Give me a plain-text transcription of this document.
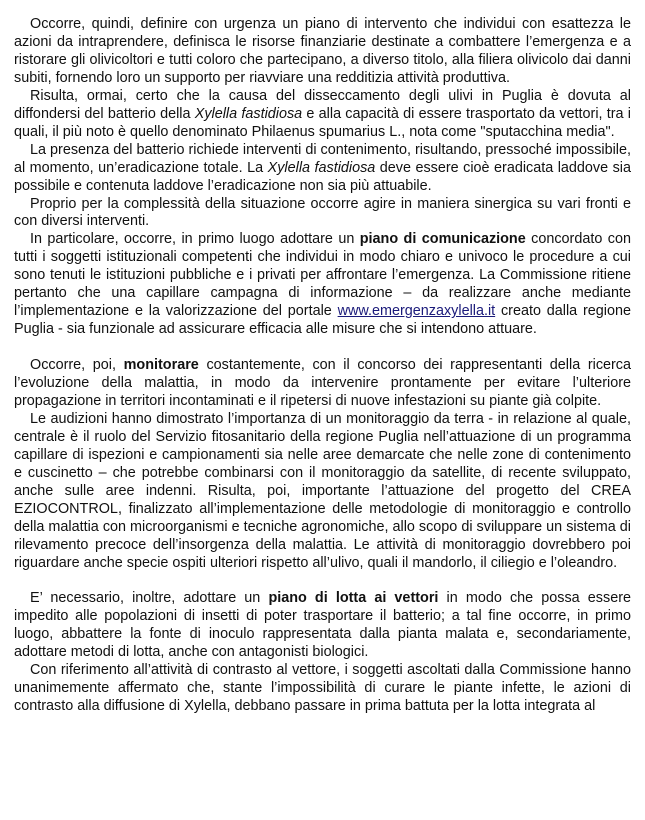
Occorre, quindi, definire con urgenza un piano di intervento che individui con esattezza le azioni da intraprendere, definisca le risorse finanziarie destinate a combattere l’emergenza e a ristorare gli olivicoltori e tutti coloro che partecipano, a diverso titolo, alla filiera olivicolo dai danni subiti, fornendo loro un supporto per riavviare una redditizia attività produttiva.

Risulta, ormai, certo che la causa del disseccamento degli ulivi in Puglia è dovuta al diffondersi del batterio della Xylella fastidiosa e alla capacità di essere trasportato da vettori, tra i quali, il più noto è quello denominato Philaenus spumarius L., nota come "sputacchina media".

La presenza del batterio richiede interventi di contenimento, risultando, pressoché impossibile, al momento, un’eradicazione totale. La Xylella fastidiosa deve essere cioè eradicata laddove sia possibile e contenuta laddove l’eradicazione non sia più attuabile.

Proprio per la complessità della situazione occorre agire in maniera sinergica su vari fronti e con diversi interventi.

In particolare, occorre, in primo luogo adottare un piano di comunicazione concordato con tutti i soggetti istituzionali competenti che individui in modo chiaro e univoco le procedure a cui sono tenuti le istituzioni pubbliche e i privati per affrontare l’emergenza. La Commissione ritiene pertanto che una capillare campagna di informazione – da realizzare anche mediante l’implementazione e la valorizzazione del portale www.emergenzaxylella.it creato dalla regione Puglia - sia funzionale ad assicurare efficacia alle misure che si intendono attuare.

Occorre, poi, monitorare costantemente, con il concorso dei rappresentanti della ricerca l’evoluzione della malattia, in modo da intervenire prontamente per evitare l’ulteriore propagazione in territori incontaminati e il ripetersi di nuove infestazioni su piante già colpite.

Le audizioni hanno dimostrato l’importanza di un monitoraggio da terra - in relazione al quale, centrale è il ruolo del Servizio fitosanitario della regione Puglia nell’attuazione di un programma capillare di ispezioni e campionamenti sia nelle aree demarcate che nelle zone di contenimento e cuscinetto – che potrebbe combinarsi con il monitoraggio da satellite, di recente sviluppato, anche sulle aree indenni. Risulta, poi, importante l’attuazione del progetto del CREA EZIOCONTROL, finalizzato all’implementazione delle metodologie di monitoraggio e controllo della malattia con microorganismi e tecniche agronomiche, allo scopo di sviluppare un sistema di rilevamento precoce dell’insorgenza della malattia. Le attività di monitoraggio dovrebbero poi riguardare anche specie ospiti ulteriori rispetto all’ulivo, quali il mandorlo, il ciliegio e l’oleandro.

E’ necessario, inoltre, adottare un piano di lotta ai vettori in modo che possa essere impedito alle popolazioni di insetti di poter trasportare il batterio; a tal fine occorre, in primo luogo, abbattere la fonte di inoculo rappresentata dalla pianta malata e, secondariamente, adottare metodi di lotta, anche con antagonisti biologici.

Con riferimento all’attività di contrasto al vettore, i soggetti ascoltati dalla Commissione hanno unanimemente affermato che, stante l’impossibilità di curare le piante infette, le azioni di contrasto alla diffusione di Xylella, debbano passare in prima battuta per la lotta integrata al
